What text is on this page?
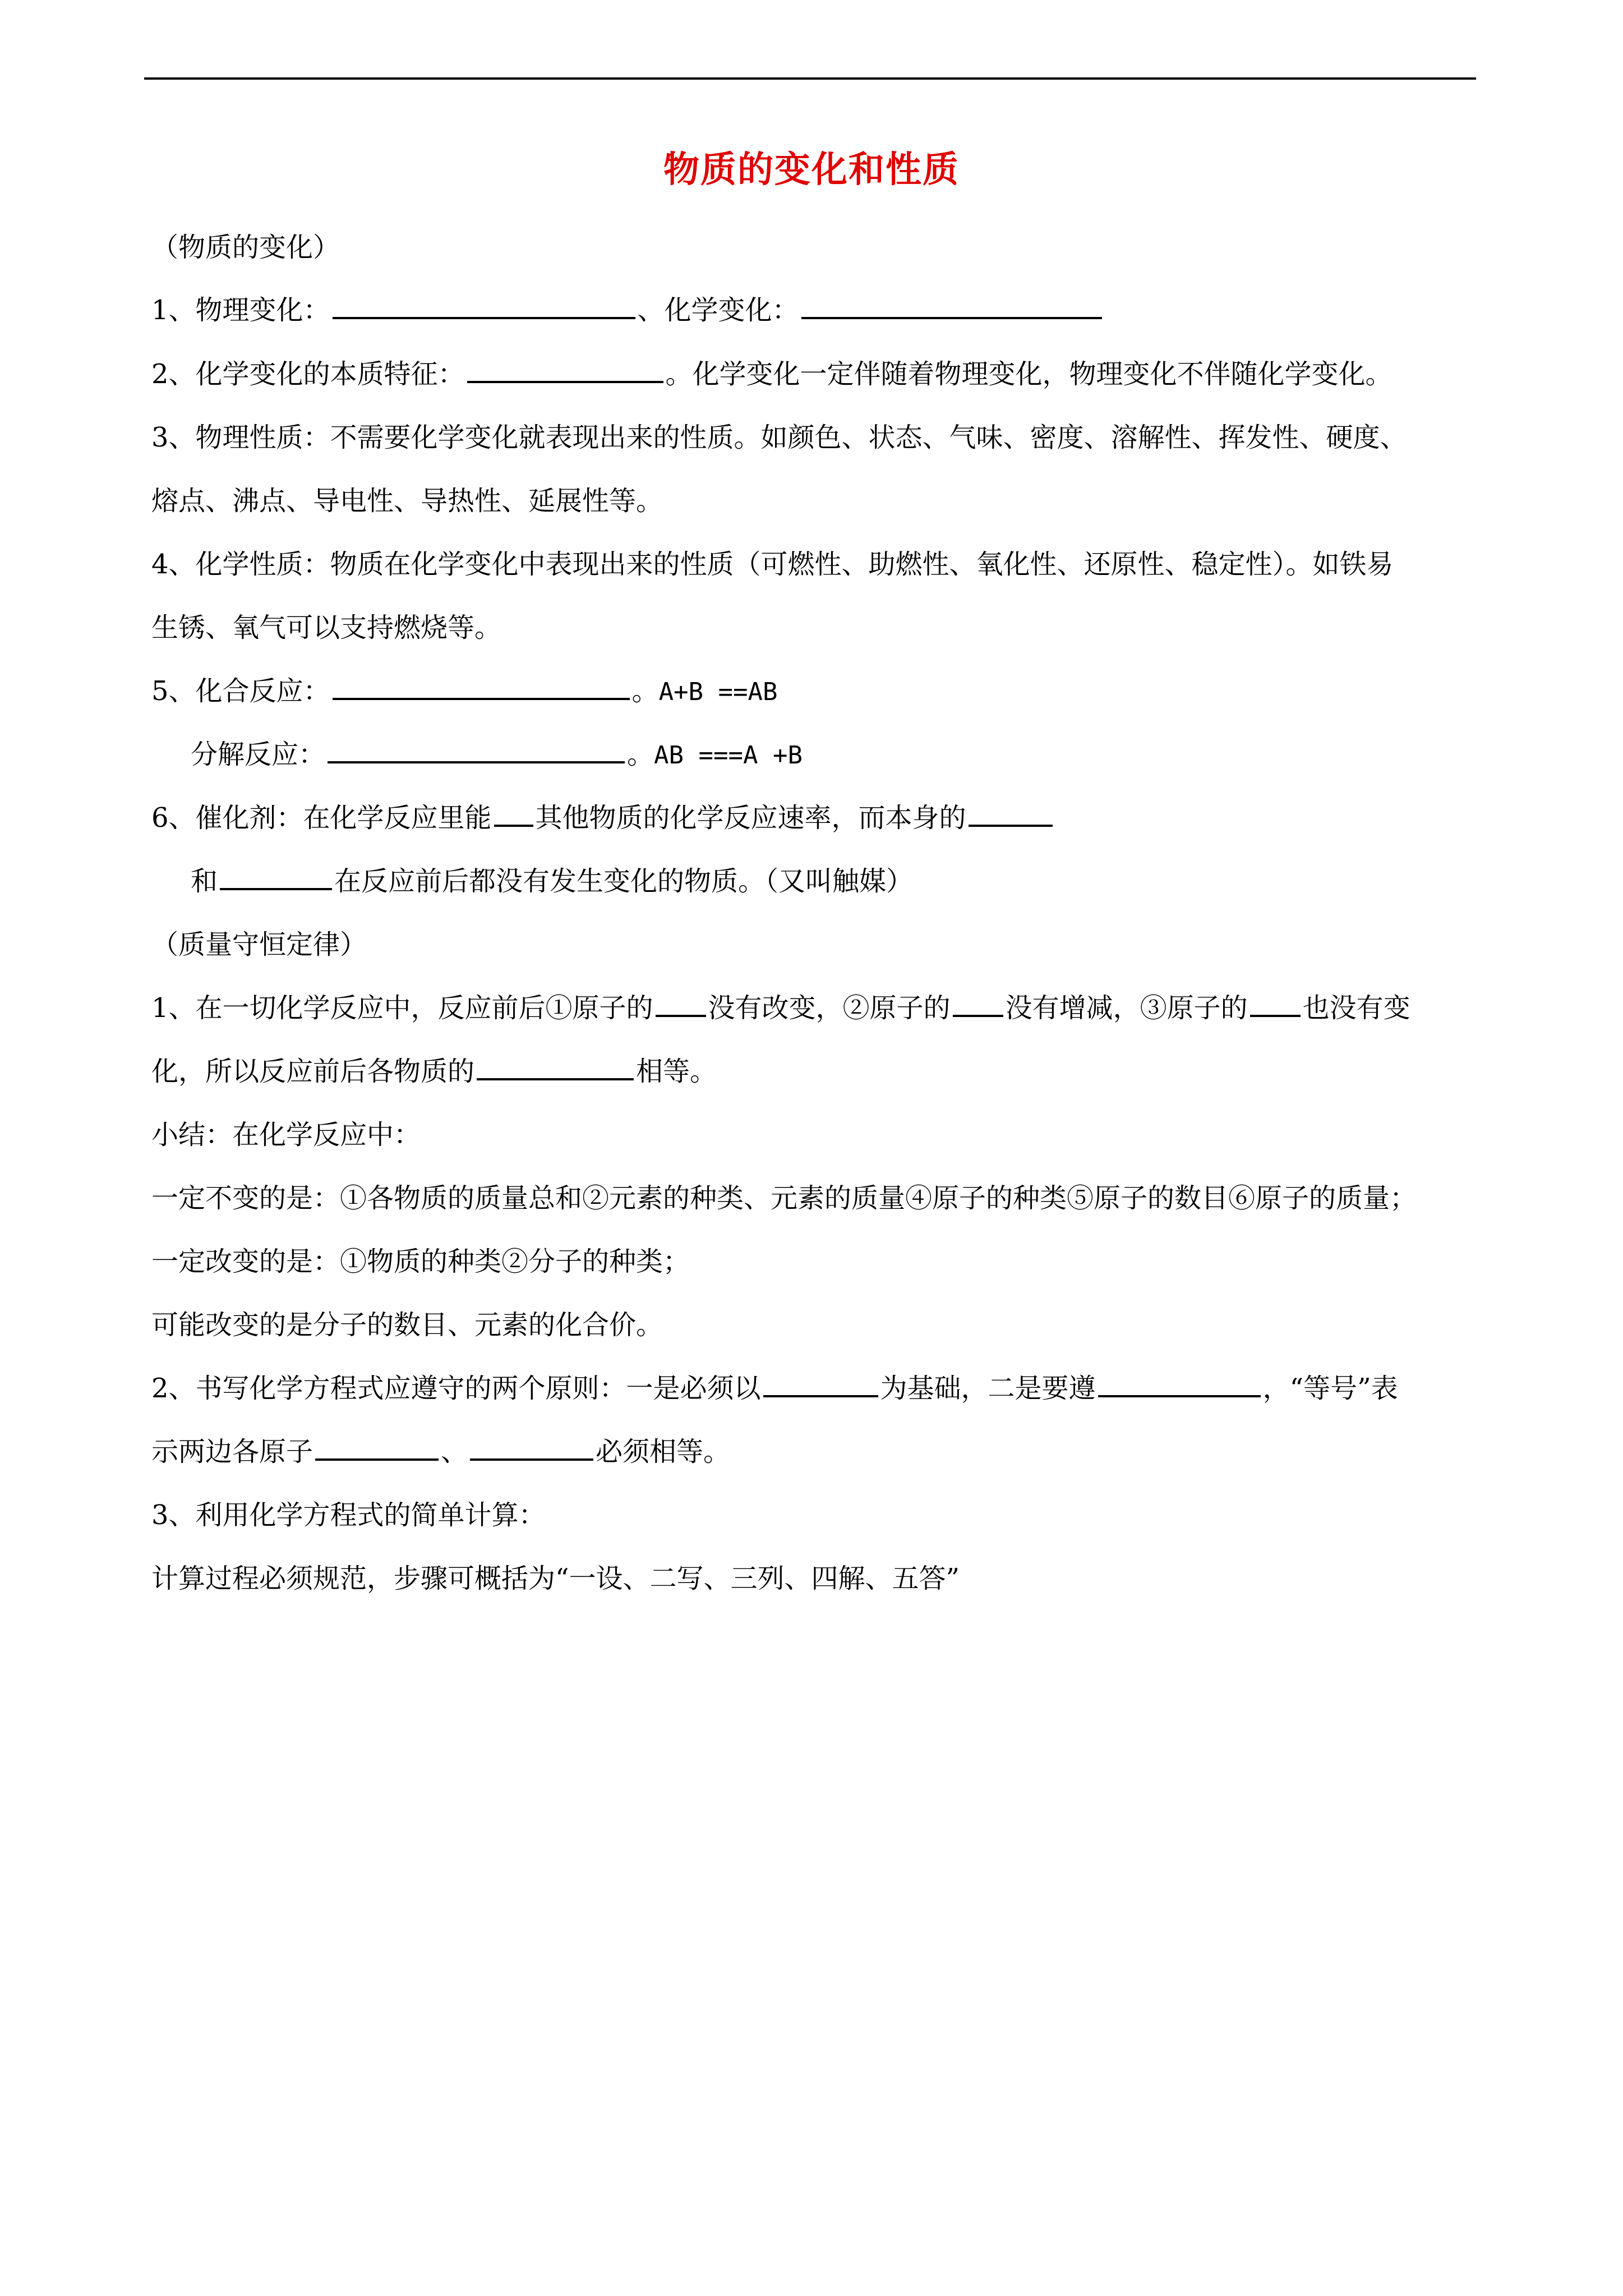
物质的变化和性质
（物质的变化）
1、物理变化：	、化学变化：
2、化学变化的本质特征：	。化学变化一定伴随着物理变化，物理变化不伴随化学变化。
3、物理性质：不需要化学变化就表现出来的性质。如颜色、状态、气味、密度、溶解性、挥发性、硬度、
熔点、沸点、导电性、导热性、延展性等。
4、化学性质：物质在化学变化中表现出来的性质（可燃性、助燃性、氧化性、还原性、稳定性）。如铁易
生锈、氧气可以支持燃烧等。
5、化合反应：	。A+B ==AB
分解反应：	。AB ===A +B
6、催化剂：在化学反应里能 其他物质的化学反应速率，而本身的
和	在反应前后都没有发生变化的物质。（又叫触媒）
（质量守恒定律）
1、在一切化学反应中，反应前后①原子的 没有改变，②原子的 没有增减，③原子的 也没有变
化，所以反应前后各物质的	相等。
小结：在化学反应中：
一定不变的是：①各物质的质量总和②元素的种类、元素的质量④原子的种类⑤原子的数目⑥原子的质量；
一定改变的是：①物质的种类②分子的种类；
可能改变的是分子的数目、元素的化合价。
2、书写化学方程式应遵守的两个原则：一是必须以	为基础，二是要遵	，“等号”表
示两边各原子	、	必须相等。
3、利用化学方程式的简单计算：
计算过程必须规范，步骤可概括为“一设、二写、三列、四解、五答”
